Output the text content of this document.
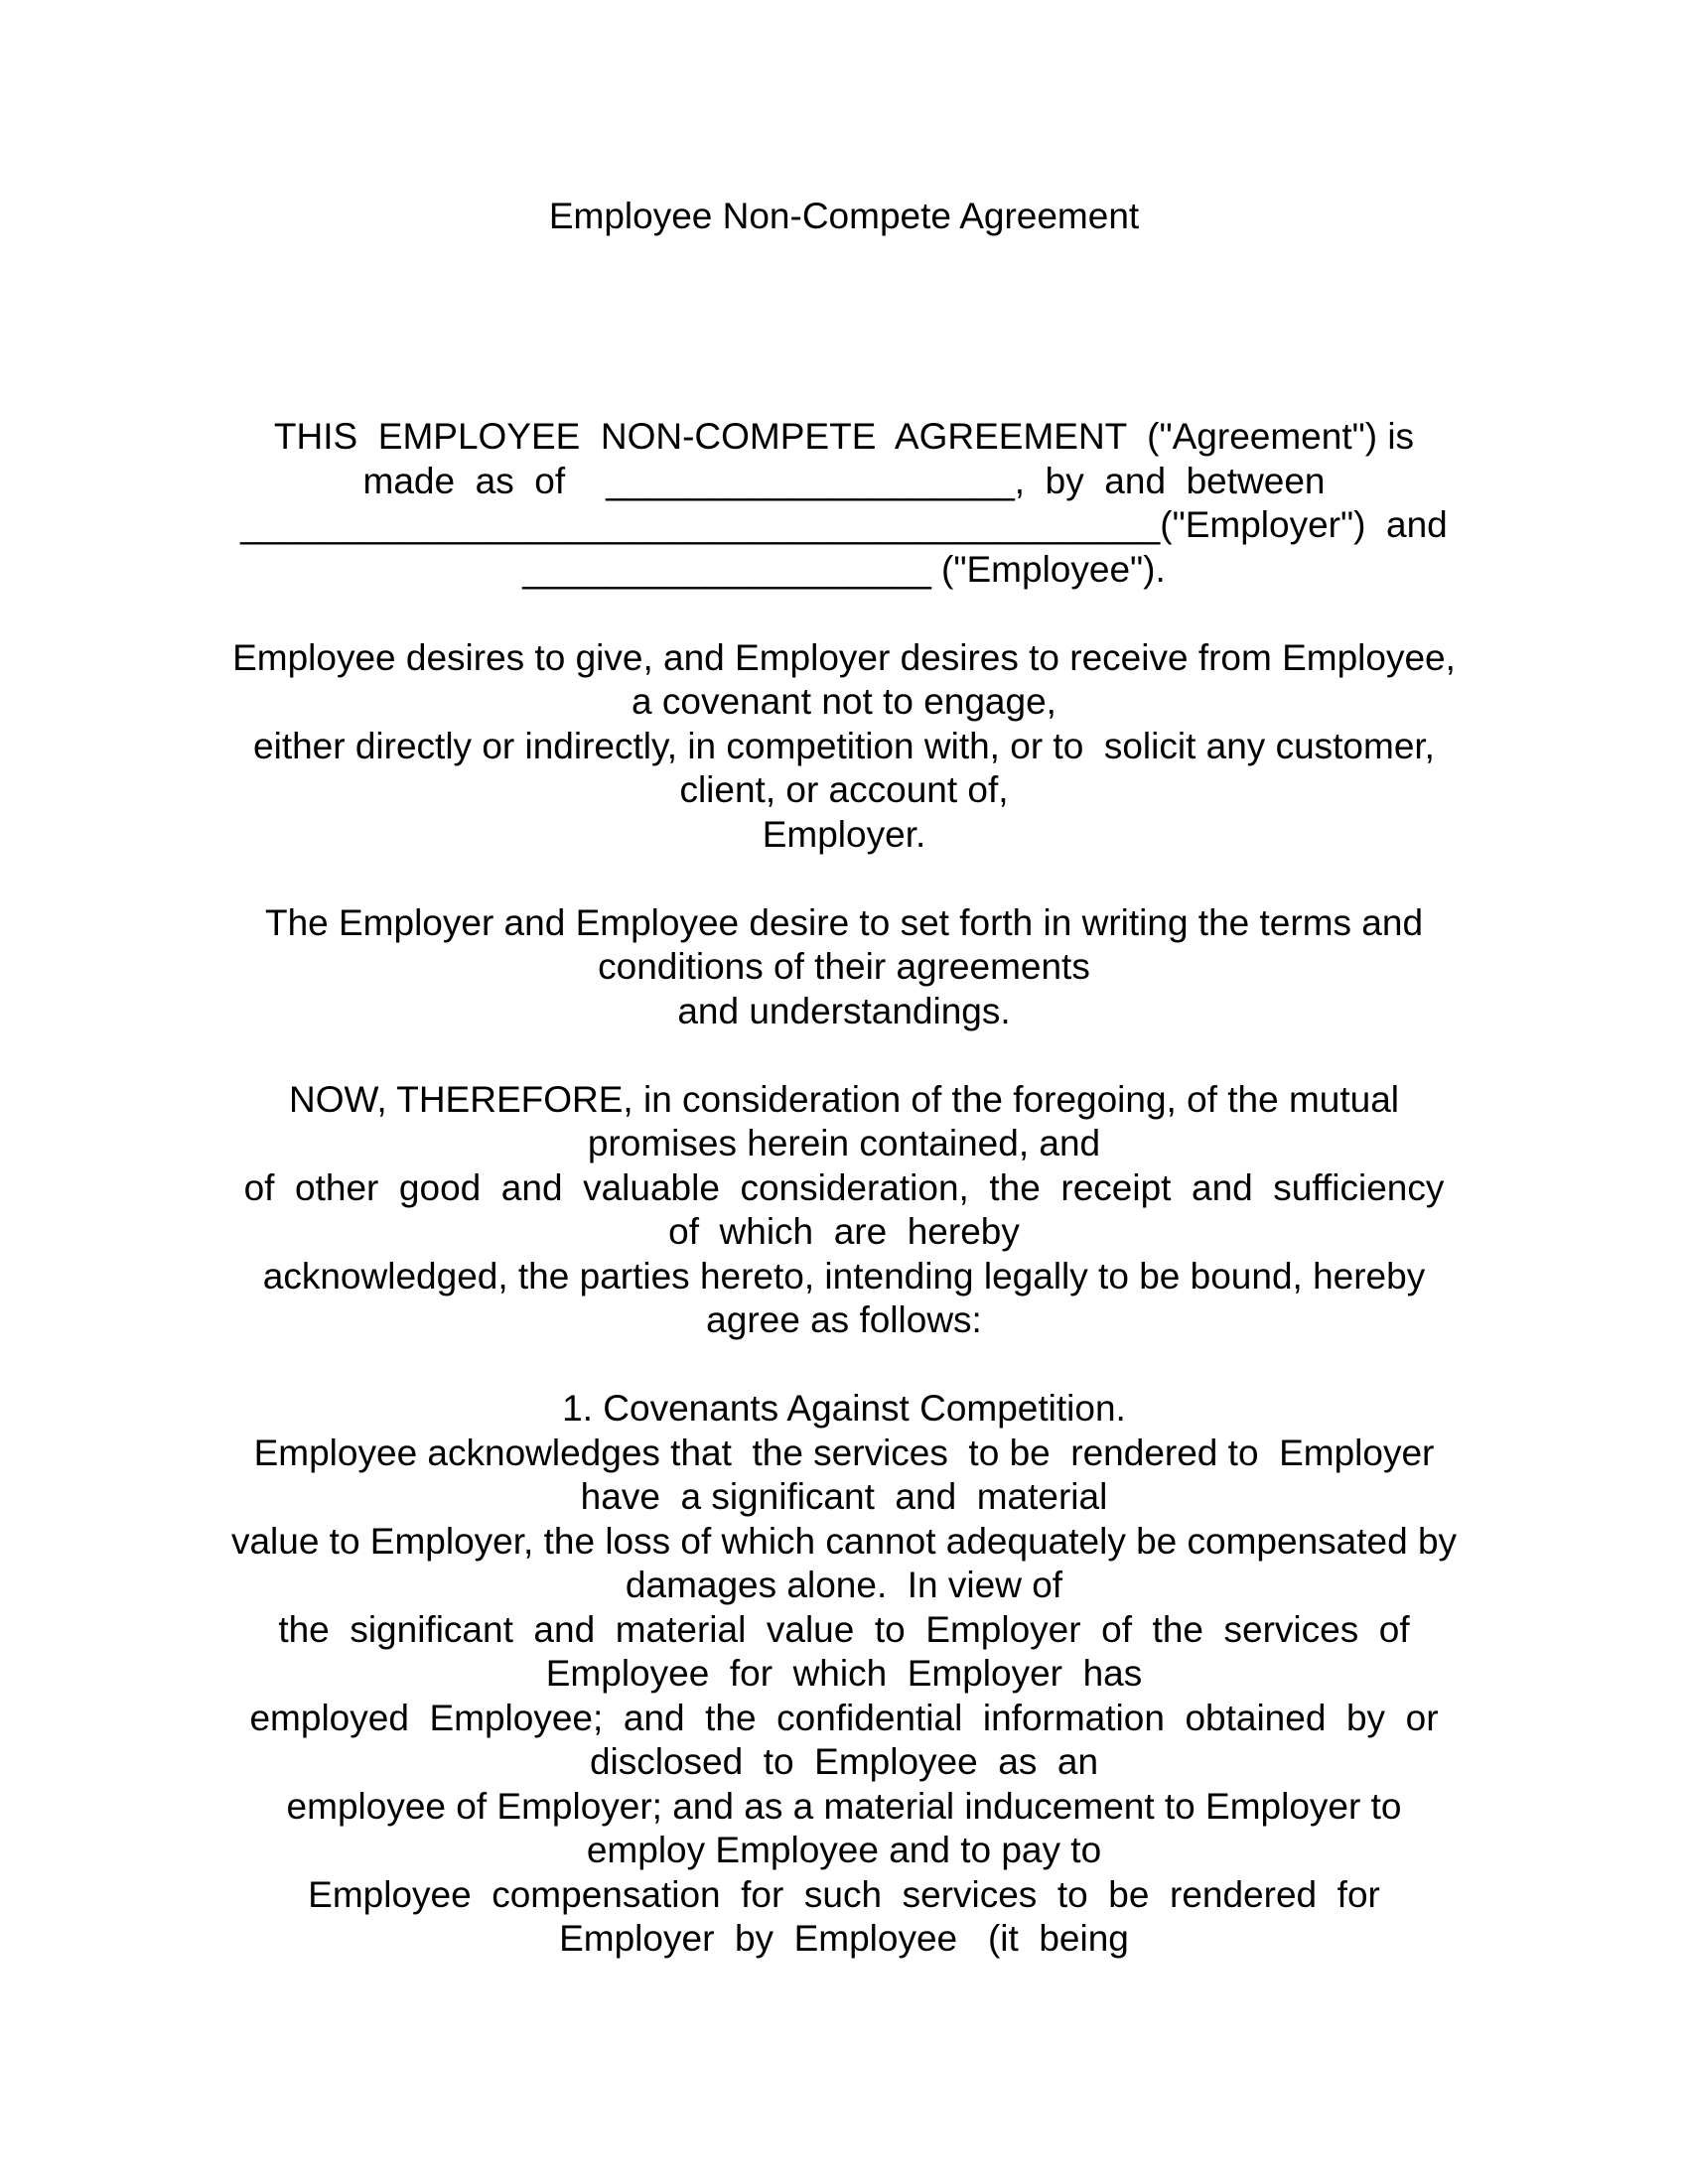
Employee Non-Compete Agreement
THIS  EMPLOYEE  NON-COMPETE  AGREEMENT  ("Agreement") is
made  as  of    ____________________,  by  and  between
_____________________________________________("Employer")  and
____________________ ("Employee").
Employee desires to give, and Employer desires to receive from Employee,
a covenant not to engage,
either directly or indirectly, in competition with, or to  solicit any customer,
client, or account of,
Employer.
The Employer and Employee desire to set forth in writing the terms and
conditions of their agreements
and understandings.
NOW, THEREFORE, in consideration of the foregoing, of the mutual
promises herein contained, and
of  other  good  and  valuable  consideration,  the  receipt  and  sufficiency
of  which  are  hereby
acknowledged, the parties hereto, intending legally to be bound, hereby
agree as follows:
1. Covenants Against Competition.
Employee acknowledges that  the services  to be  rendered to  Employer
have  a significant  and  material
value to Employer, the loss of which cannot adequately be compensated by
damages alone.  In view of
the  significant  and  material  value  to  Employer  of  the  services  of
Employee  for  which  Employer  has
employed  Employee;  and  the  confidential  information  obtained  by  or
disclosed  to  Employee  as  an
employee of Employer; and as a material inducement to Employer to
employ Employee and to pay to
Employee  compensation  for  such  services  to  be  rendered  for
Employer  by  Employee   (it  being
